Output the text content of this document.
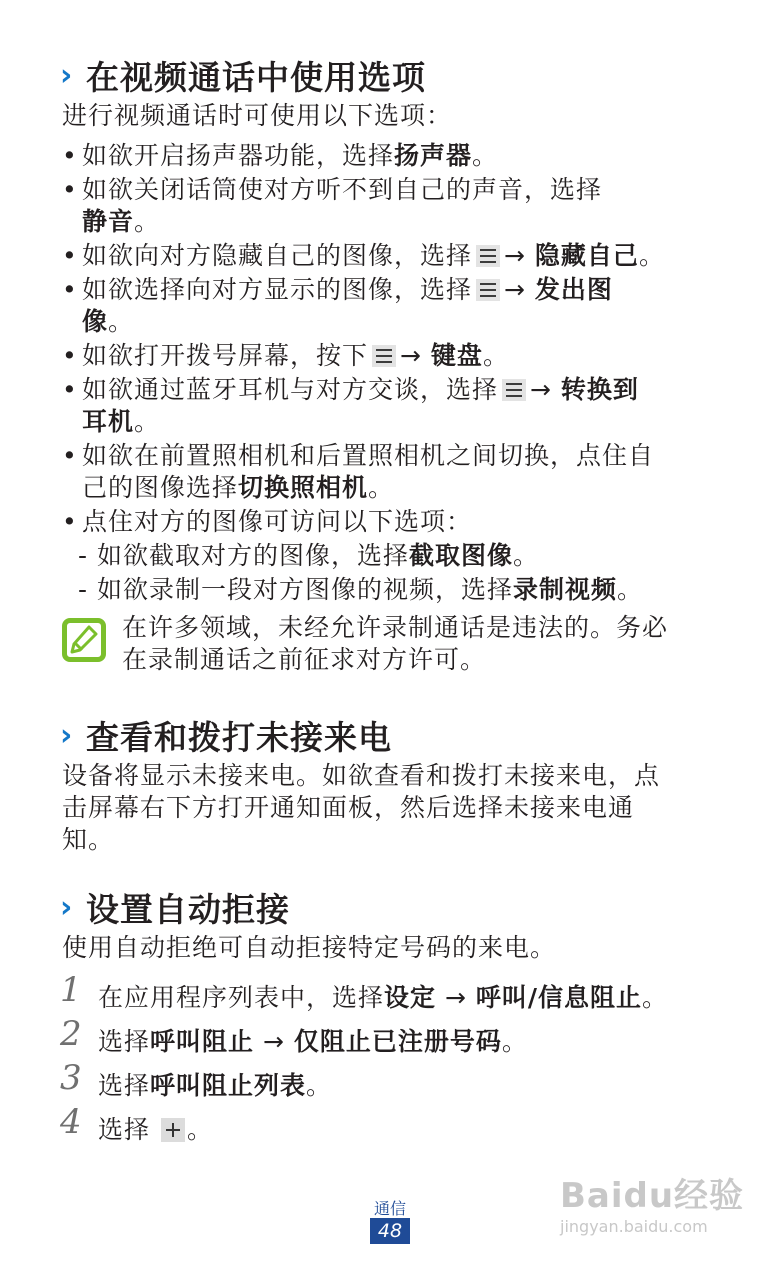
› 在视频通话中使用选项
进行视频通话时可使用以下选项：
• 如欲开启扬声器功能，选择扬声器。
• 如欲关闭话筒使对方听不到自己的声音，选择
静音。
• 如欲向对方隐藏自己的图像，选择 → 隐藏自己。
• 如欲选择向对方显示的图像，选择 → 发出图
像。
• 如欲打开拨号屏幕，按下 → 键盘。
• 如欲通过蓝牙耳机与对方交谈，选择 → 转换到
耳机。
• 如欲在前置照相机和后置照相机之间切换，点住自
己的图像选择切换照相机。
• 点住对方的图像可访问以下选项：
- 如欲截取对方的图像，选择截取图像。
- 如欲录制一段对方图像的视频，选择录制视频。
在许多领域，未经允许录制通话是违法的。务必
在录制通话之前征求对方许可。
› 查看和拨打未接来电
设备将显示未接来电。如欲查看和拨打未接来电，点
击屏幕右下方打开通知面板，然后选择未接来电通
知。
› 设置自动拒接
使用自动拒绝可自动拒接特定号码的来电。
1 在应用程序列表中，选择设定 → 呼叫/信息阻止。
2 选择呼叫阻止 → 仅阻止已注册号码。
3 选择呼叫阻止列表。
4 选择 。
通信
48
Baidu经验
jingyan.baidu.com
